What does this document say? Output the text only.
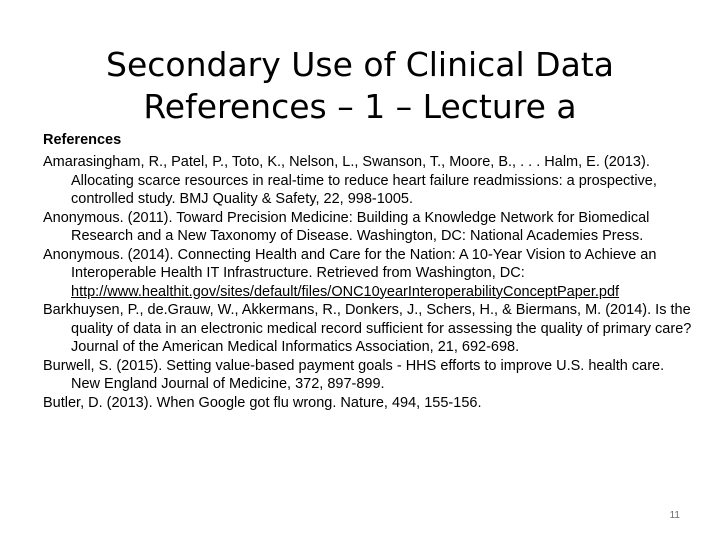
Secondary Use of Clinical Data
References – 1 – Lecture a
References
Amarasingham, R., Patel, P., Toto, K., Nelson, L., Swanson, T., Moore, B., . . . Halm, E. (2013). Allocating scarce resources in real-time to reduce heart failure readmissions: a prospective, controlled study. BMJ Quality & Safety, 22, 998-1005.
Anonymous. (2011). Toward Precision Medicine: Building a Knowledge Network for Biomedical Research and a New Taxonomy of Disease. Washington, DC: National Academies Press.
Anonymous. (2014). Connecting Health and Care for the Nation: A 10-Year Vision to Achieve an Interoperable Health IT Infrastructure. Retrieved from Washington, DC: http://www.healthit.gov/sites/default/files/ONC10yearInteroperabilityConceptPaper.pdf
Barkhuysen, P., de.Grauw, W., Akkermans, R., Donkers, J., Schers, H., & Biermans, M. (2014). Is the quality of data in an electronic medical record sufficient for assessing the quality of primary care? Journal of the American Medical Informatics Association, 21, 692-698.
Burwell, S. (2015). Setting value-based payment goals - HHS efforts to improve U.S. health care. New England Journal of Medicine, 372, 897-899.
Butler, D. (2013). When Google got flu wrong. Nature, 494, 155-156.
11
